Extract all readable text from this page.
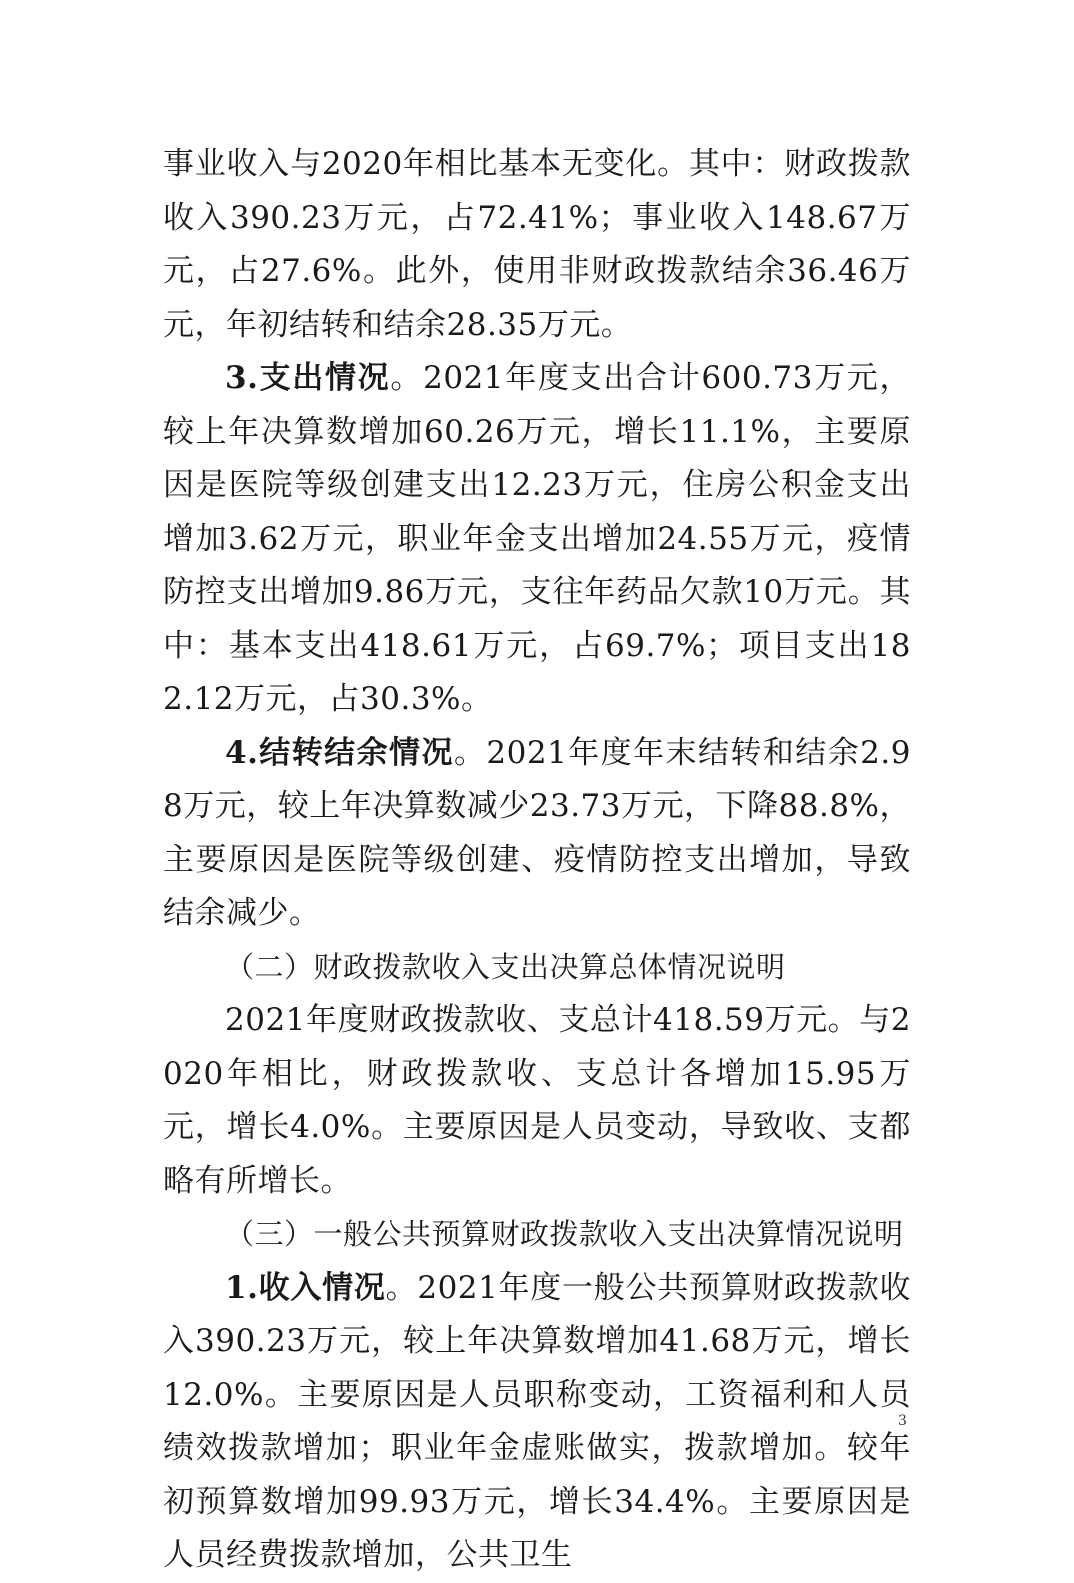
事业收入与2020年相比基本无变化。其中：财政拨款收入390.23万元，占72.41%；事业收入148.67万元，占27.6%。此外，使用非财政拨款结余36.46万元，年初结转和结余28.35万元。

3.支出情况。2021年度支出合计600.73万元，较上年决算数增加60.26万元，增长11.1%，主要原因是医院等级创建支出12.23万元，住房公积金支出增加3.62万元，职业年金支出增加24.55万元，疫情防控支出增加9.86万元，支往年药品欠款10万元。其中：基本支出418.61万元，占69.7%；项目支出182.12万元，占30.3%。

4.结转结余情况。2021年度年末结转和结余2.98万元，较上年决算数减少23.73万元，下降88.8%，主要原因是医院等级创建、疫情防控支出增加，导致结余减少。

（二）财政拨款收入支出决算总体情况说明

2021年度财政拨款收、支总计418.59万元。与2020年相比，财政拨款收、支总计各增加15.95万元，增长4.0%。主要原因是人员变动，导致收、支都略有所增长。

（三）一般公共预算财政拨款收入支出决算情况说明

1.收入情况。2021年度一般公共预算财政拨款收入390.23万元，较上年决算数增加41.68万元，增长12.0%。主要原因是人员职称变动，工资福利和人员绩效拨款增加；职业年金虚账做实，拨款增加。较年初预算数增加99.93万元，增长34.4%。主要原因是人员经费拨款增加，公共卫生

3
